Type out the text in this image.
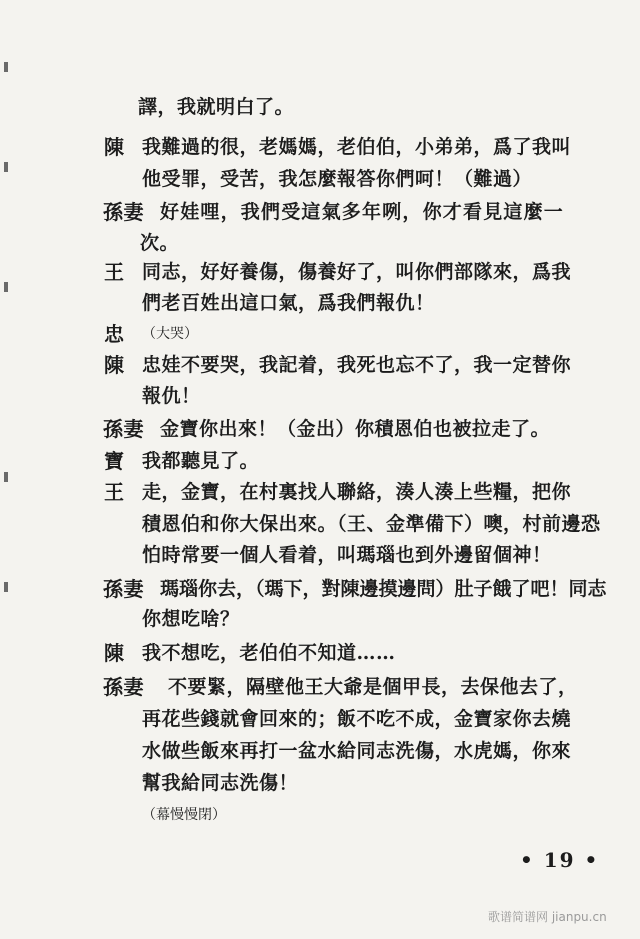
譯，我就明白了。
陳 我難過的很，老媽媽，老伯伯，小弟弟，爲了我叫
他受罪，受苦，我怎麼報答你們呵！（難過）
孫妻 好娃哩，我們受這氣多年咧，你才看見這麼一
次。
王 同志，好好養傷，傷養好了，叫你們部隊來，爲我
們老百姓出這口氣，爲我們報仇！
忠 （大哭）
陳 忠娃不要哭，我記着，我死也忘不了，我一定替你
報仇！
孫妻 金寶你出來！（金出）你積恩伯也被拉走了。
寶 我都聽見了。
王 走，金寶，在村裏找人聯絡，湊人湊上些糧，把你
積恩伯和你大保出來。（王、金準備下）噢，村前邊恐
怕時常要一個人看着，叫瑪瑙也到外邊留個神！
孫妻 瑪瑙你去，（瑪下，對陳邊摸邊問）肚子餓了吧！同志
你想吃啥？
陳 我不想吃，老伯伯不知道……
孫妻 不要緊，隔壁他王大爺是個甲長，去保他去了，
再花些錢就會回來的；飯不吃不成，金寶家你去燒
水做些飯來再打一盆水給同志洗傷，水虎媽，你來
幫我給同志洗傷！
（幕慢慢閉）
• 19 •
歌谱简谱网 jianpu.cn
